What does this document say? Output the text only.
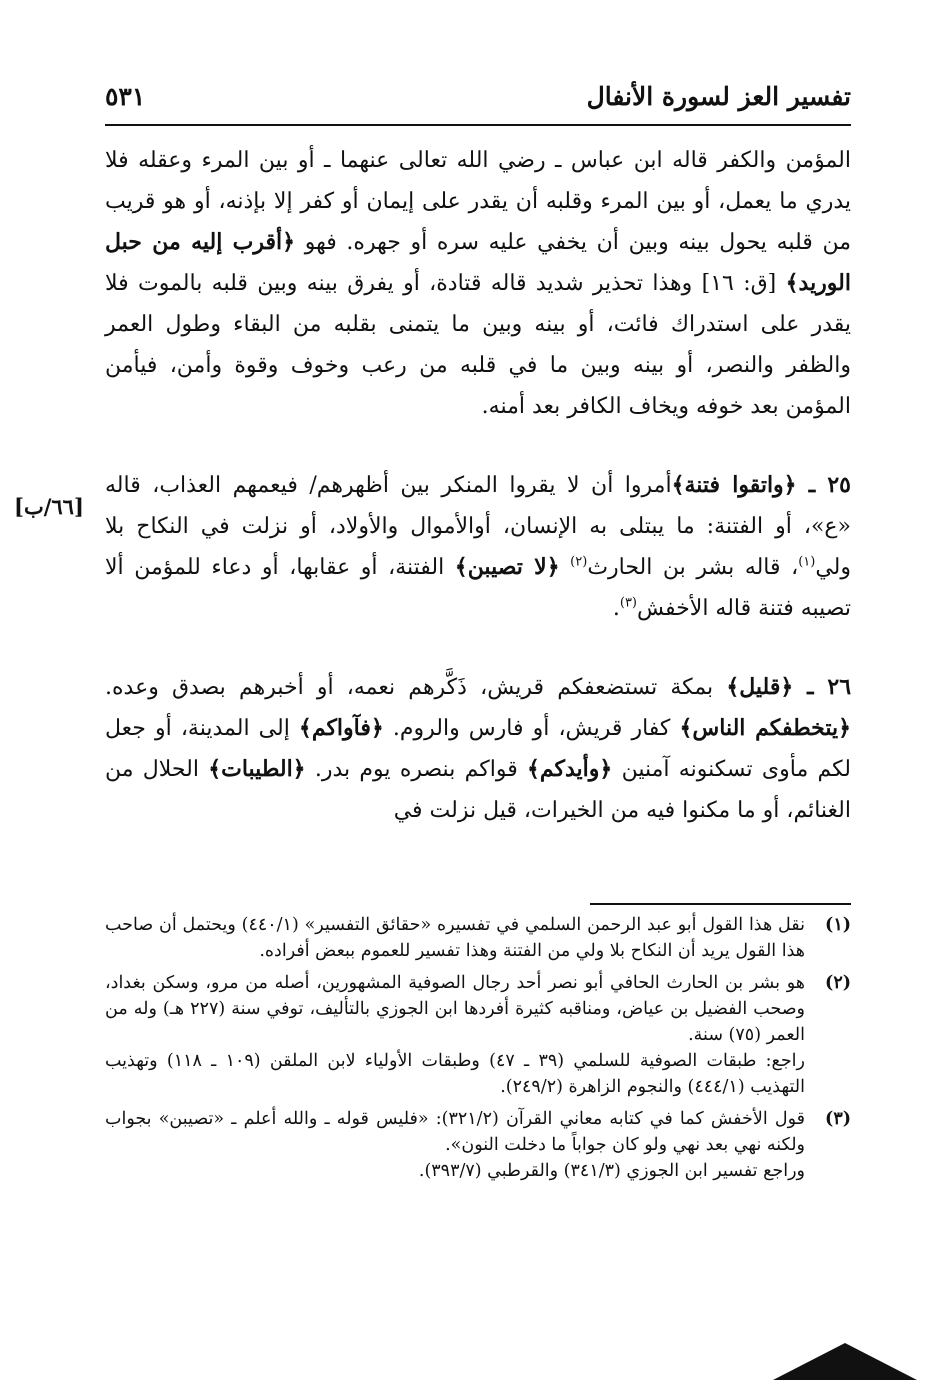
تفسير العز لسورة الأنفال
٥٣١

المؤمن والكفر قاله ابن عباس ـ رضي الله تعالى عنهما ـ أو بين المرء وعقله فلا يدري ما يعمل، أو بين المرء وقلبه أن يقدر على إيمان أو كفر إلا بإذنه، أو هو قريب من قلبه يحول بينه وبين أن يخفي عليه سره أو جهره. فهو ﴿أقرب إليه من حبل الوريد﴾ [ق: ١٦] وهذا تحذير شديد قاله قتادة، أو يفرق بينه وبين قلبه بالموت فلا يقدر على استدراك فائت، أو بينه وبين ما يتمنى بقلبه من البقاء وطول العمر والظفر والنصر، أو بينه وبين ما في قلبه من رعب وخوف وقوة وأمن، فيأمن المؤمن بعد خوفه ويخاف الكافر بعد أمنه.

٢٥ ـ ﴿واتقوا فتنة﴾أمروا أن لا يقروا المنكر بين أظهرهم/ فيعمهم العذاب، قاله «ع»، أو الفتنة: ما يبتلى به الإنسان، أوالأموال والأولاد، أو نزلت في النكاح بلا ولي$^{(١)}$، قاله بشر بن الحارث$^{(٢)}$ ﴿لا تصيبن﴾ الفتنة، أو عقابها، أو دعاء للمؤمن ألا تصيبه فتنة قاله الأخفش$^{(٣)}$.

٢٦ ـ ﴿قليل﴾ بمكة تستضعفكم قريش، ذَكَّرهم نعمه، أو أخبرهم بصدق وعده. ﴿يتخطفكم الناس﴾ كفار قريش، أو فارس والروم. ﴿فآواكم﴾ إلى المدينة، أو جعل لكم مأوى تسكنونه آمنين ﴿وأيدكم﴾ قواكم بنصره يوم بدر. ﴿الطيبات﴾ الحلال من الغنائم، أو ما مكنوا فيه من الخيرات، قيل نزلت في

[٦٦/ب]
(١)
نقل هذا القول أبو عبد الرحمن السلمي في تفسيره «حقائق التفسير» (٤٤٠/١) ويحتمل أن صاحب هذا القول يريد أن النكاح بلا ولي من الفتنة وهذا تفسير للعموم ببعض أفراده.
(٢)
هو بشر بن الحارث الحافي أبو نصر أحد رجال الصوفية المشهورين، أصله من مرو، وسكن بغداد، وصحب الفضيل بن عياض، ومناقبه كثيرة أفردها ابن الجوزي بالتأليف، توفي سنة (٢٢٧ هـ) وله من العمر (٧٥) سنة.
راجع: طبقات الصوفية للسلمي (٣٩ ـ ٤٧) وطبقات الأولياء لابن الملقن (١٠٩ ـ ١١٨) وتهذيب التهذيب (٤٤٤/١) والنجوم الزاهرة (٢٤٩/٢).
(٣)
قول الأخفش كما في كتابه معاني القرآن (٣٢١/٢): «فليس قوله ـ والله أعلم ـ «تصيبن» بجواب ولكنه نهي بعد نهي ولو كان جواباً ما دخلت النون».
وراجع تفسير ابن الجوزي (٣٤١/٣) والقرطبي (٣٩٣/٧).
